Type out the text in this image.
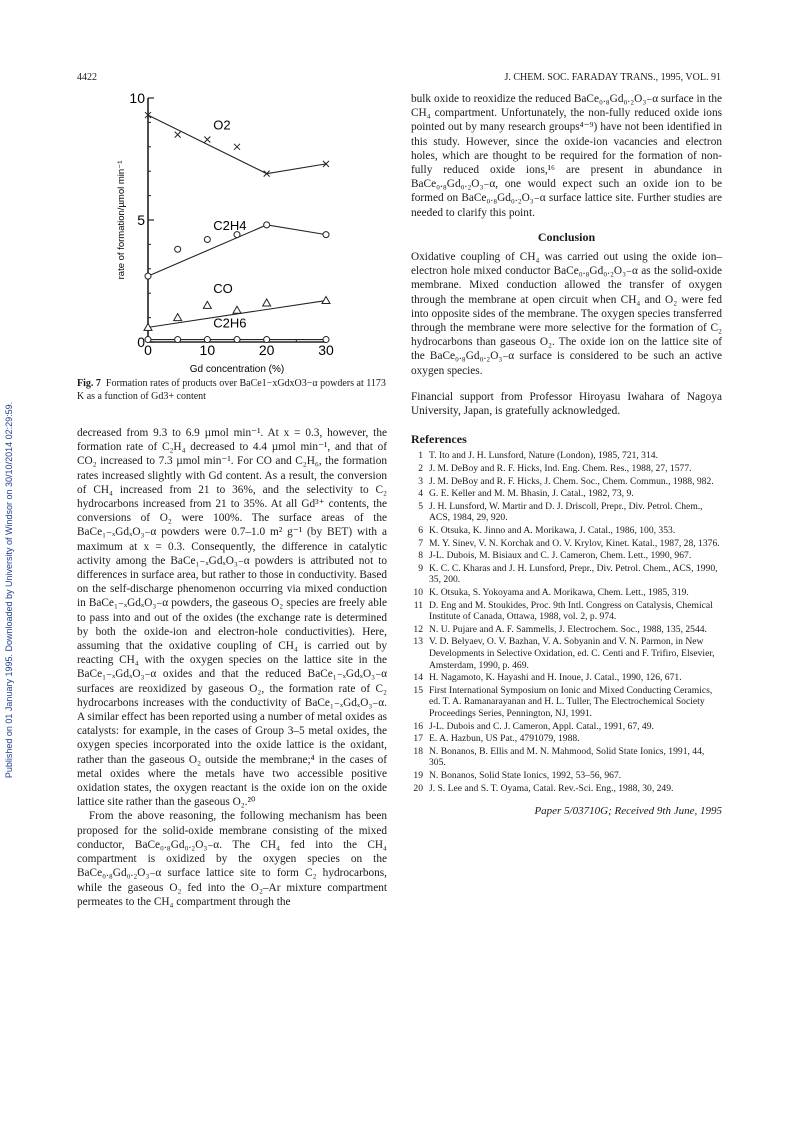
4422	J. CHEM. SOC. FARADAY TRANS., 1995, VOL. 91
Published on 01 January 1995. Downloaded by University of Windsor on 30/10/2014 02:29:59.
0
5
10
0	10	20	30
Gd concentration (%)
rate of formation/µmol min⁻¹
O2
C2H4
CO
C2H6
Fig. 7 Formation rates of products over BaCe1−xGdxO3−α powders at 1173 K as a function of Gd3+ content

decreased from 9.3 to 6.9 µmol min⁻¹. At x = 0.3, however, the formation rate of C₂H₄ decreased to 4.4 µmol min⁻¹, and that of CO₂ increased to 7.3 µmol min⁻¹. For CO and C₂H₆, the formation rates increased slightly with Gd content. As a result, the conversion of CH₄ increased from 21 to 36%, and the selectivity to C₂ hydrocarbons increased from 21 to 35%. At all Gd³⁺ contents, the conversions of O₂ were 100%. The surface areas of the BaCe₁₋ₓGdₓO₃₋α powders were 0.7–1.0 m² g⁻¹ (by BET) with a maximum at x = 0.3. Consequently, the difference in catalytic activity among the BaCe₁₋ₓGdₓO₃₋α powders is attributed not to differences in surface area, but rather to those in conductivity. Based on the self-discharge phenomenon occurring via mixed conduction in BaCe₁₋ₓGdₓO₃₋α powders, the gaseous O₂ species are freely able to pass into and out of the oxides (the exchange rate is determined by both the oxide-ion and electron-hole conductivities). Here, assuming that the oxidative coupling of CH₄ is carried out by reacting CH₄ with the oxygen species on the lattice site in the BaCe₁₋ₓGdₓO₃₋α oxides and that the reduced BaCe₁₋ₓGdₓO₃₋α surfaces are reoxidized by gaseous O₂, the formation rate of C₂ hydrocarbons increases with the conductivity of BaCe₁₋ₓGdₓO₃₋α. A similar effect has been reported using a number of metal oxides as catalysts: for example, in the cases of Group 3–5 metal oxides, the oxygen species incorporated into the oxide lattice is the oxidant, rather than the gaseous O₂ outside the membrane;⁴ in the cases of metal oxides where the metals have two accessible positive oxidation states, the oxygen reactant is the oxide ion on the oxide lattice site rather than the gaseous O₂.²⁰

From the above reasoning, the following mechanism has been proposed for the solid-oxide membrane consisting of the mixed conductor, BaCe₀.₈Gd₀.₂O₃₋α. The CH₄ fed into the CH₄ compartment is oxidized by the oxygen species on the BaCe₀.₈Gd₀.₂O₃₋α surface lattice site to form C₂ hydrocarbons, while the gaseous O₂ fed into the O₂–Ar mixture compartment permeates to the CH₄ compartment through the

bulk oxide to reoxidize the reduced BaCe₀.₈Gd₀.₂O₃₋α surface in the CH₄ compartment. Unfortunately, the non-fully reduced oxide ions pointed out by many research groups⁴⁻⁹) have not been identified in this study. However, since the oxide-ion vacancies and electron holes, which are thought to be required for the formation of non-fully reduced oxide ions,¹⁶ are present in abundance in BaCe₀.₈Gd₀.₂O₃₋α, one would expect such an oxide ion to be formed on BaCe₀.₈Gd₀.₂O₃₋α surface lattice site. Further studies are needed to clarify this point.

Conclusion

Oxidative coupling of CH₄ was carried out using the oxide ion–electron hole mixed conductor BaCe₀.₈Gd₀.₂O₃₋α as the solid-oxide membrane. Mixed conduction allowed the transfer of oxygen through the membrane at open circuit when CH₄ and O₂ were fed into opposite sides of the membrane. The oxygen species transferred through the membrane were more selective for the formation of C₂ hydrocarbons than gaseous O₂. The oxide ion on the lattice site of the BaCe₀.₈Gd₀.₂O₃₋α surface is considered to be such an active oxygen species.

Financial support from Professor Hiroyasu Iwahara of Nagoya University, Japan, is gratefully acknowledged.

References

1 T. Ito and J. H. Lunsford, Nature (London), 1985, 721, 314.
2 J. M. DeBoy and R. F. Hicks, Ind. Eng. Chem. Res., 1988, 27, 1577.
3 J. M. DeBoy and R. F. Hicks, J. Chem. Soc., Chem. Commun., 1988, 982.
4 G. E. Keller and M. M. Bhasin, J. Catal., 1982, 73, 9.
5 J. H. Lunsford, W. Martir and D. J. Driscoll, Prepr., Div. Petrol. Chem., ACS, 1984, 29, 920.
6 K. Otsuka, K. Jinno and A. Morikawa, J. Catal., 1986, 100, 353.
7 M. Y. Sinev, V. N. Korchak and O. V. Krylov, Kinet. Katal., 1987, 28, 1376.
8 J-L. Dubois, M. Bisiaux and C. J. Cameron, Chem. Lett., 1990, 967.
9 K. C. C. Kharas and J. H. Lunsford, Prepr., Div. Petrol. Chem., ACS, 1990, 35, 200.
10 K. Otsuka, S. Yokoyama and A. Morikawa, Chem. Lett., 1985, 319.
11 D. Eng and M. Stoukides, Proc. 9th Intl. Congress on Catalysis, Chemical Institute of Canada, Ottawa, 1988, vol. 2, p. 974.
12 N. U. Pujare and A. F. Sammells, J. Electrochem. Soc., 1988, 135, 2544.
13 V. D. Belyaev, O. V. Bazhan, V. A. Sobyanin and V. N. Parmon, in New Developments in Selective Oxidation, ed. C. Centi and F. Trifiro, Elsevier, Amsterdam, 1990, p. 469.
14 H. Nagamoto, K. Hayashi and H. Inoue, J. Catal., 1990, 126, 671.
15 First International Symposium on Ionic and Mixed Conducting Ceramics, ed. T. A. Ramanarayanan and H. L. Tuller, The Electrochemical Society Proceedings Series, Pennington, NJ, 1991.
16 J-L. Dubois and C. J. Cameron, Appl. Catal., 1991, 67, 49.
17 E. A. Hazbun, US Pat., 4791079, 1988.
18 N. Bonanos, B. Ellis and M. N. Mahmood, Solid State Ionics, 1991, 44, 305.
19 N. Bonanos, Solid State Ionics, 1992, 53–56, 967.
20 J. S. Lee and S. T. Oyama, Catal. Rev.-Sci. Eng., 1988, 30, 249.

Paper 5/03710G; Received 9th June, 1995
